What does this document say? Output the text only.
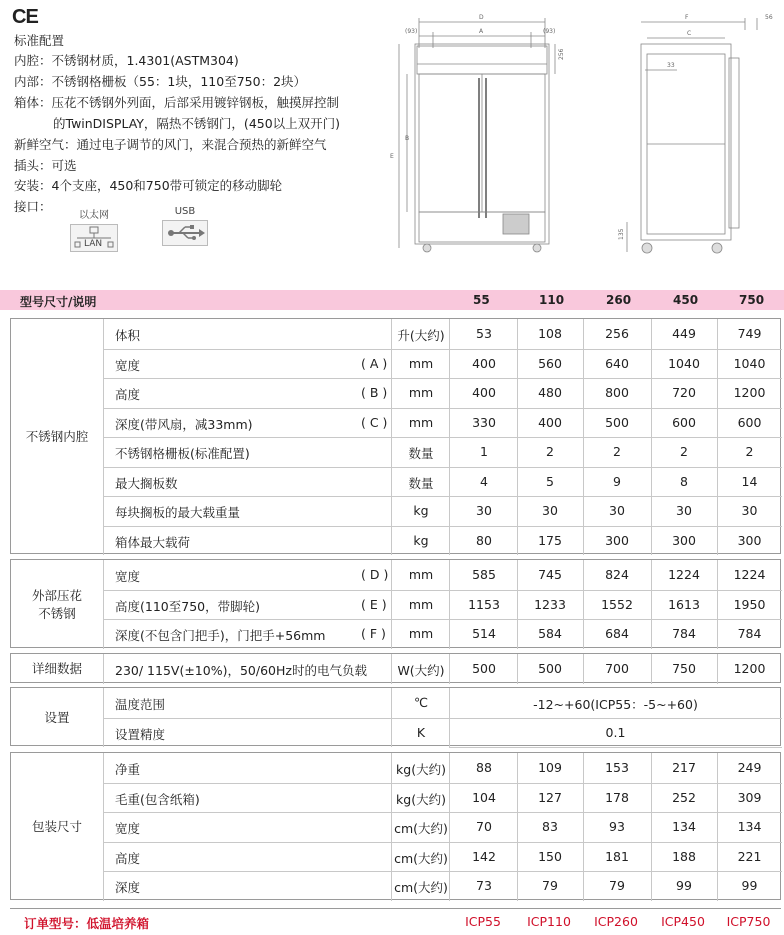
CE
标准配置
内腔：不锈钢材质，1.4301(ASTM304)
内部：不锈钢格栅板（55：1块，110至750：2块）
箱体：压花不锈钢外列面，后部采用镀锌钢板，触摸屏控制
的TwinDISPLAY，隔热不锈钢门，(450以上双开门)
新鲜空气：通过电子调节的风门，来混合预热的新鲜空气
插头：可选
安装：4个支座，450和750带可锁定的移动脚轮
接口：
以太网
LAN
USB
D
A
(93)	(93)
256
B
E
F	56
C
33
135
型号尺寸/说明	55	110	260	450	750
不锈钢内腔
体积	升(大约)	53	108	256	449	749
宽度	( A )	mm	400	560	640	1040	1040
高度	( B )	mm	400	480	800	720	1200
深度(带风扇，减33mm)	( C )	mm	330	400	500	600	600
不锈钢格栅板(标准配置)	数量	1	2	2	2	2
最大搁板数	数量	4	5	9	8	14
每块搁板的最大载重量	kg	30	30	30	30	30
箱体最大载荷	kg	80	175	300	300	300
外部压花
不锈钢
宽度	( D )	mm	585	745	824	1224	1224
高度(110至750，带脚轮)	( E )	mm	1153	1233	1552	1613	1950
深度(不包含门把手)，门把手+56mm	( F )	mm	514	584	684	784	784
详细数据	230/ 115V(±10%)，50/60Hz时的电气负载	W(大约)	500	500	700	750	1200
设置
温度范围	℃	-12~+60(ICP55：-5~+60)
设置精度	K	0.1
包装尺寸
净重	kg(大约)	88	109	153	217	249
毛重(包含纸箱)	kg(大约)	104	127	178	252	309
宽度	cm(大约)	70	83	93	134	134
高度	cm(大约)	142	150	181	188	221
深度	cm(大约)	73	79	79	99	99
订单型号：低温培养箱	ICP55	ICP110	ICP260	ICP450	ICP750
